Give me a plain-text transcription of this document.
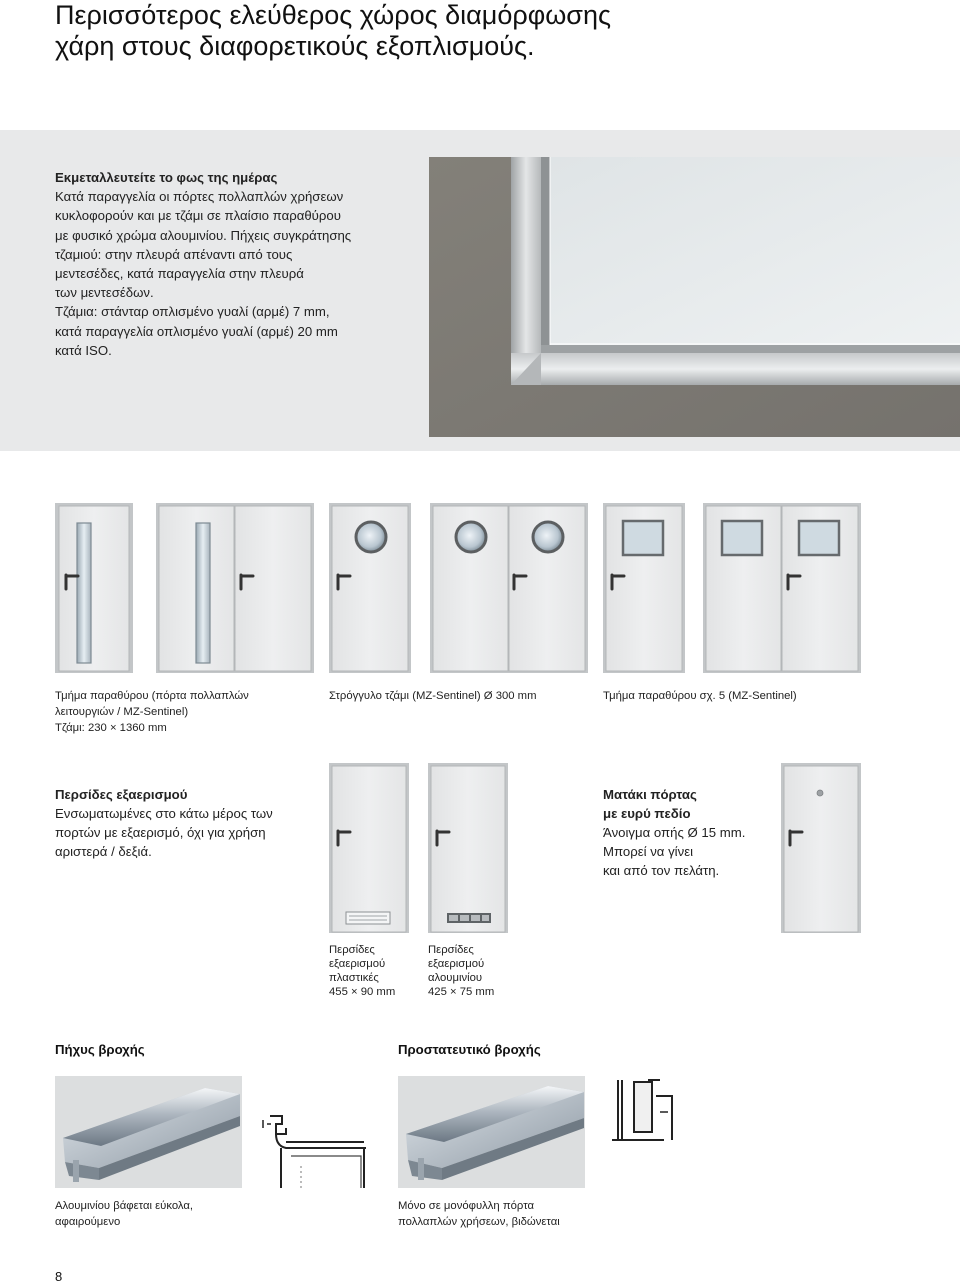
Περισσότερος ελεύθερος χώρος διαμόρφωσης
χάρη στους διαφορετικούς εξοπλισμούς.

Εκμεταλλευτείτε το φως της ημέρας

Κατά παραγγελία οι πόρτες πολλαπλών χρήσεων

κυκλοφορούν και με τζάμι σε πλαίσιο παραθύρου

με φυσικό χρώμα αλουμινίου. Πήχεις συγκράτησης

τζαμιού: στην πλευρά απέναντι από τους

μεντεσέδες, κατά παραγγελία στην πλευρά

των μεντεσέδων.

Τζάμια: στάνταρ οπλισμένο γυαλί (αρμέ) 7 mm,

κατά παραγγελία οπλισμένο γυαλί (αρμέ) 20 mm

κατά ISO.

Τμήμα παραθύρου (πόρτα πολλαπλών

λειτουργιών / MZ-Sentinel)

Τζάμι: 230 × 1360 mm

Στρόγγυλο τζάμι (MZ-Sentinel) Ø 300 mm	Τμήμα παραθύρου σχ. 5 (MZ-Sentinel)

Περσίδες εξαερισμού

Ενσωματωμένες στο κάτω μέρος των

πορτών με εξαερισμό, όχι για χρήση

αριστερά / δεξιά.

Περσίδες

εξαερισμού

πλαστικές

455 × 90 mm

Περσίδες

εξαερισμού

αλουμινίου

425 × 75 mm

Ματάκι πόρτας

με ευρύ πεδίο

Άνοιγμα οπής Ø 15 mm.

Μπορεί να γίνει

και από τον πελάτη.

Πήχυς βροχής	Προστατευτικό βροχής

Αλουμινίου βάφεται εύκολα,

αφαιρούμενο

Μόνο σε μονόφυλλη πόρτα

πολλαπλών χρήσεων, βιδώνεται

8
